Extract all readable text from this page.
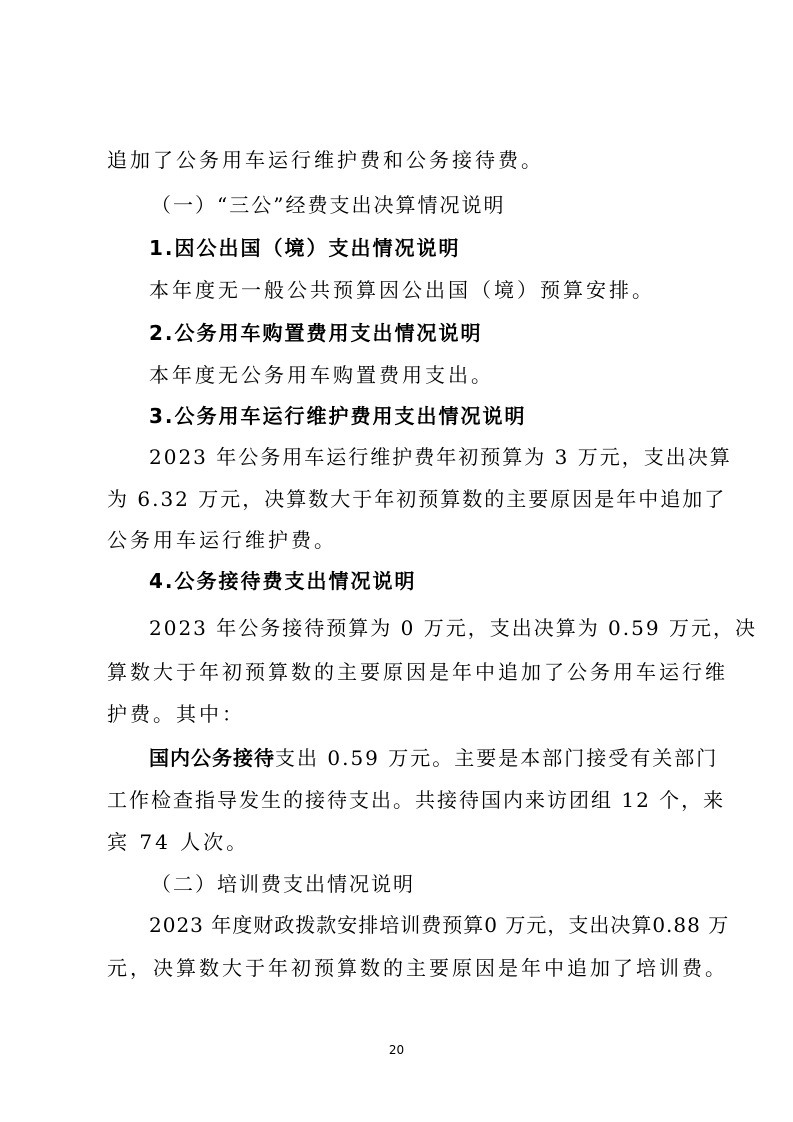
追加了公务用车运行维护费和公务接待费。
（一）“三公”经费支出决算情况说明
1.因公出国（境）支出情况说明
本年度无一般公共预算因公出国（境）预算安排。
2.公务用车购置费用支出情况说明
本年度无公务用车购置费用支出。
3.公务用车运行维护费用支出情况说明
2023 年公务用车运行维护费年初预算为 3 万元，支出决算
为 6.32 万元，决算数大于年初预算数的主要原因是年中追加了
公务用车运行维护费。
4.公务接待费支出情况说明
2023 年公务接待预算为 0 万元，支出决算为 0.59 万元，决
算数大于年初预算数的主要原因是年中追加了公务用车运行维
护费。其中：
国内公务接待支出 0.59 万元。主要是本部门接受有关部门
工作检查指导发生的接待支出。共接待国内来访团组 12 个，来
宾 74 人次。
（二）培训费支出情况说明
2023 年度财政拨款安排培训费预算0 万元，支出决算0.88 万
元，决算数大于年初预算数的主要原因是年中追加了培训费。
20
